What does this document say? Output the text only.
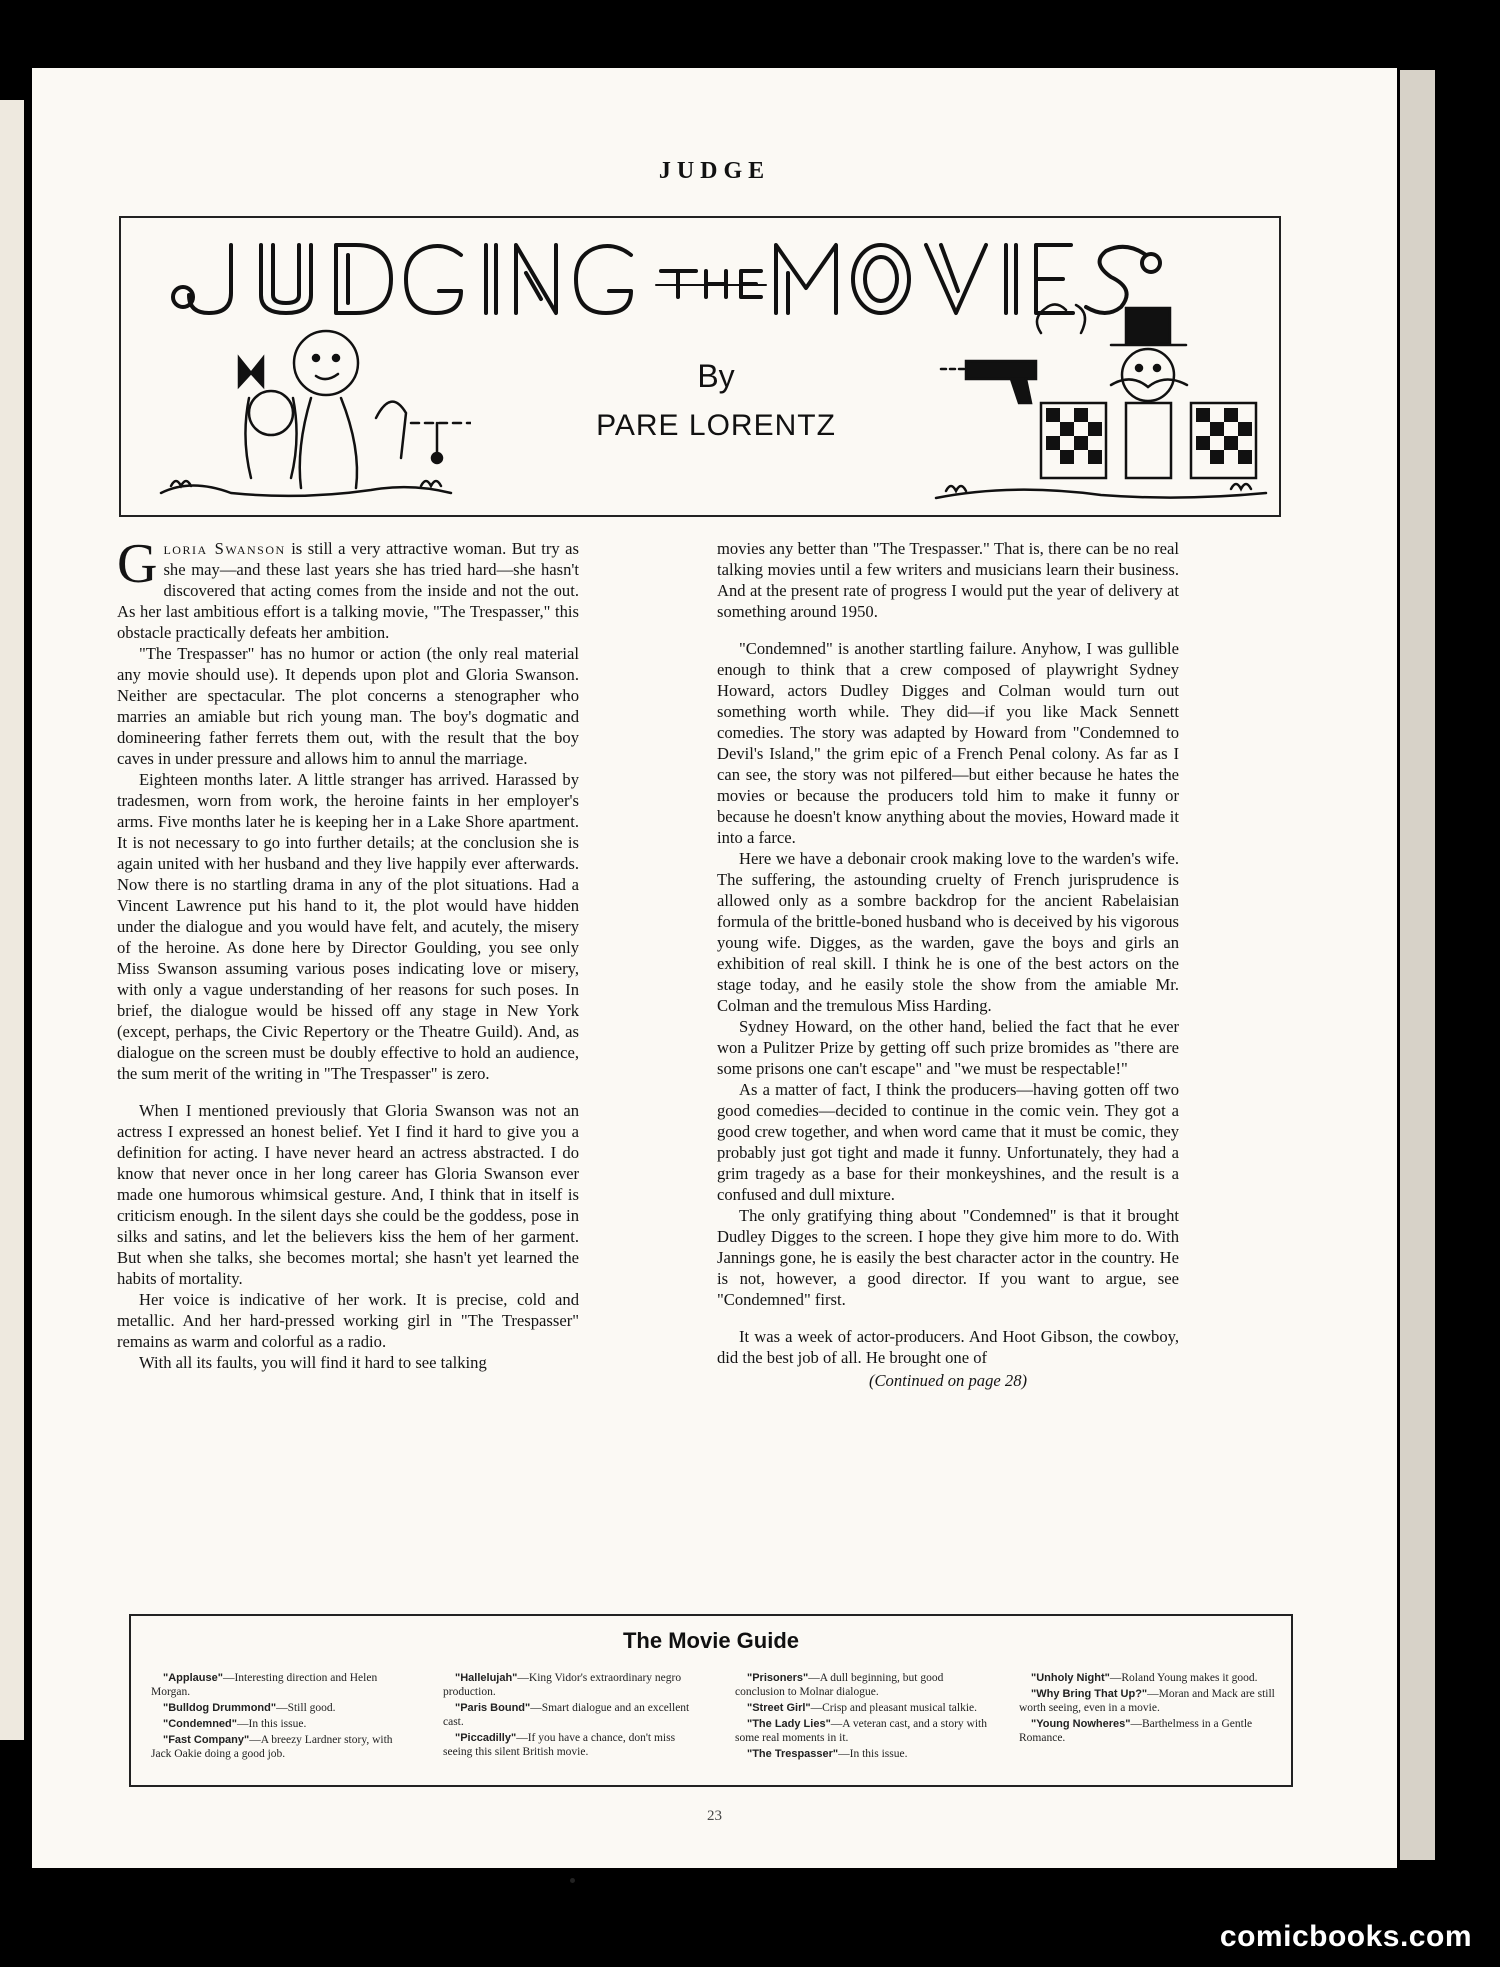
JUDGE
By
PARE LORENTZ

Gloria Swanson is still a very attractive woman. But try as she may—and these last years she has tried hard—she hasn't discovered that acting comes from the inside and not the out. As her last ambitious effort is a talking movie, "The Trespasser," this obstacle practically defeats her ambition.

"The Trespasser" has no humor or action (the only real material any movie should use). It depends upon plot and Gloria Swanson. Neither are spectacular. The plot concerns a stenographer who marries an amiable but rich young man. The boy's dogmatic and domineering father ferrets them out, with the result that the boy caves in under pressure and allows him to annul the marriage.

Eighteen months later. A little stranger has arrived. Harassed by tradesmen, worn from work, the heroine faints in her employer's arms. Five months later he is keeping her in a Lake Shore apartment. It is not necessary to go into further details; at the conclusion she is again united with her husband and they live happily ever afterwards. Now there is no startling drama in any of the plot situations. Had a Vincent Lawrence put his hand to it, the plot would have hidden under the dialogue and you would have felt, and acutely, the misery of the heroine. As done here by Director Goulding, you see only Miss Swanson assuming various poses indicating love or misery, with only a vague understanding of her reasons for such poses. In brief, the dialogue would be hissed off any stage in New York (except, perhaps, the Civic Repertory or the Theatre Guild). And, as dialogue on the screen must be doubly effective to hold an audience, the sum merit of the writing in "The Trespasser" is zero.

When I mentioned previously that Gloria Swanson was not an actress I expressed an honest belief. Yet I find it hard to give you a definition for acting. I have never heard an actress abstracted. I do know that never once in her long career has Gloria Swanson ever made one humorous whimsical gesture. And, I think that in itself is criticism enough. In the silent days she could be the goddess, pose in silks and satins, and let the believers kiss the hem of her garment. But when she talks, she becomes mortal; she hasn't yet learned the habits of mortality.

Her voice is indicative of her work. It is precise, cold and metallic. And her hard-pressed working girl in "The Trespasser" remains as warm and colorful as a radio.

With all its faults, you will find it hard to see talking

movies any better than "The Trespasser." That is, there can be no real talking movies until a few writers and musicians learn their business. And at the present rate of progress I would put the year of delivery at something around 1950.

"Condemned" is another startling failure. Anyhow, I was gullible enough to think that a crew composed of playwright Sydney Howard, actors Dudley Digges and Colman would turn out something worth while. They did—if you like Mack Sennett comedies. The story was adapted by Howard from "Condemned to Devil's Island," the grim epic of a French Penal colony. As far as I can see, the story was not pilfered—but either because he hates the movies or because the producers told him to make it funny or because he doesn't know anything about the movies, Howard made it into a farce.

Here we have a debonair crook making love to the warden's wife. The suffering, the astounding cruelty of French jurisprudence is allowed only as a sombre backdrop for the ancient Rabelaisian formula of the brittle-boned husband who is deceived by his vigorous young wife. Digges, as the warden, gave the boys and girls an exhibition of real skill. I think he is one of the best actors on the stage today, and he easily stole the show from the amiable Mr. Colman and the tremulous Miss Harding.

Sydney Howard, on the other hand, belied the fact that he ever won a Pulitzer Prize by getting off such prize bromides as "there are some prisons one can't escape" and "we must be respectable!"

As a matter of fact, I think the producers—having gotten off two good comedies—decided to continue in the comic vein. They got a good crew together, and when word came that it must be comic, they probably just got tight and made it funny. Unfortunately, they had a grim tragedy as a base for their monkeyshines, and the result is a confused and dull mixture.

The only gratifying thing about "Condemned" is that it brought Dudley Digges to the screen. I hope they give him more to do. With Jannings gone, he is easily the best character actor in the country. He is not, however, a good director. If you want to argue, see "Condemned" first.

It was a week of actor-producers. And Hoot Gibson, the cowboy, did the best job of all. He brought one of

(Continued on page 28)
The Movie Guide
"Applause"—Interesting direction and Helen Morgan.
"Bulldog Drummond"—Still good.
"Condemned"—In this issue.
"Fast Company"—A breezy Lardner story, with Jack Oakie doing a good job.
"Hallelujah"—King Vidor's extraordinary negro production.
"Paris Bound"—Smart dialogue and an excellent cast.
"Piccadilly"—If you have a chance, don't miss seeing this silent British movie.
"Prisoners"—A dull beginning, but good conclusion to Molnar dialogue.
"Street Girl"—Crisp and pleasant musical talkie.
"The Lady Lies"—A veteran cast, and a story with some real moments in it.
"The Trespasser"—In this issue.
"Unholy Night"—Roland Young makes it good.
"Why Bring That Up?"—Moran and Mack are still worth seeing, even in a movie.
"Young Nowheres"—Barthelmess in a Gentle Romance.
23
comicbooks.com
